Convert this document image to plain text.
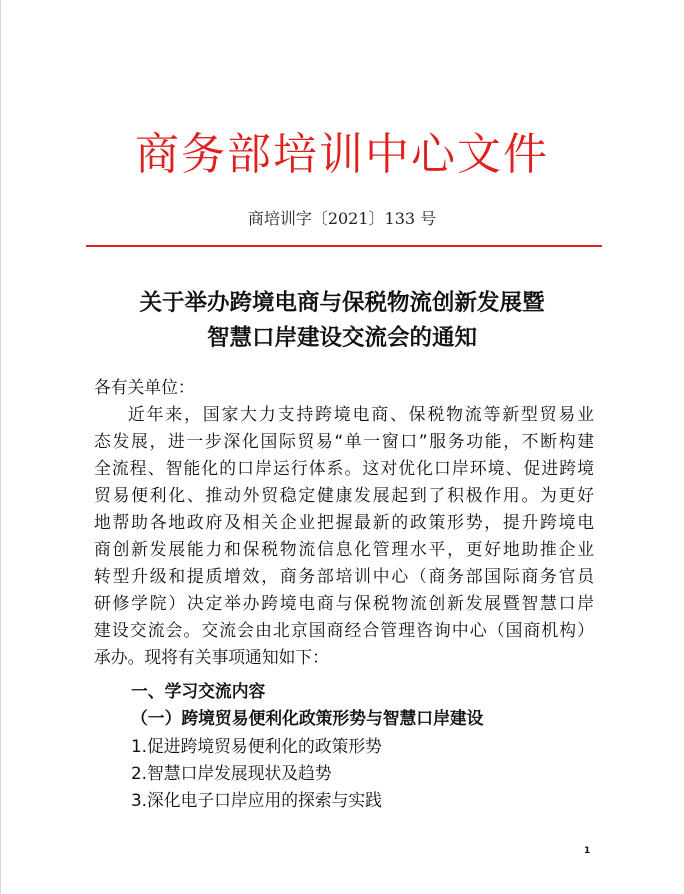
商务部培训中心文件
商培训字〔2021〕133 号
关于举办跨境电商与保税物流创新发展暨
智慧口岸建设交流会的通知
各有关单位：
近年来，国家大力支持跨境电商、保税物流等新型贸易业
态发展，进一步深化国际贸易“单一窗口”服务功能，不断构建
全流程、智能化的口岸运行体系。这对优化口岸环境、促进跨境
贸易便利化、推动外贸稳定健康发展起到了积极作用。为更好
地帮助各地政府及相关企业把握最新的政策形势，提升跨境电
商创新发展能力和保税物流信息化管理水平，更好地助推企业
转型升级和提质增效，商务部培训中心（商务部国际商务官员
研修学院）决定举办跨境电商与保税物流创新发展暨智慧口岸
建设交流会。交流会由北京国商经合管理咨询中心（国商机构）
承办。现将有关事项通知如下：
一、学习交流内容
（一）跨境贸易便利化政策形势与智慧口岸建设
1.促进跨境贸易便利化的政策形势
2.智慧口岸发展现状及趋势
3.深化电子口岸应用的探索与实践
1
